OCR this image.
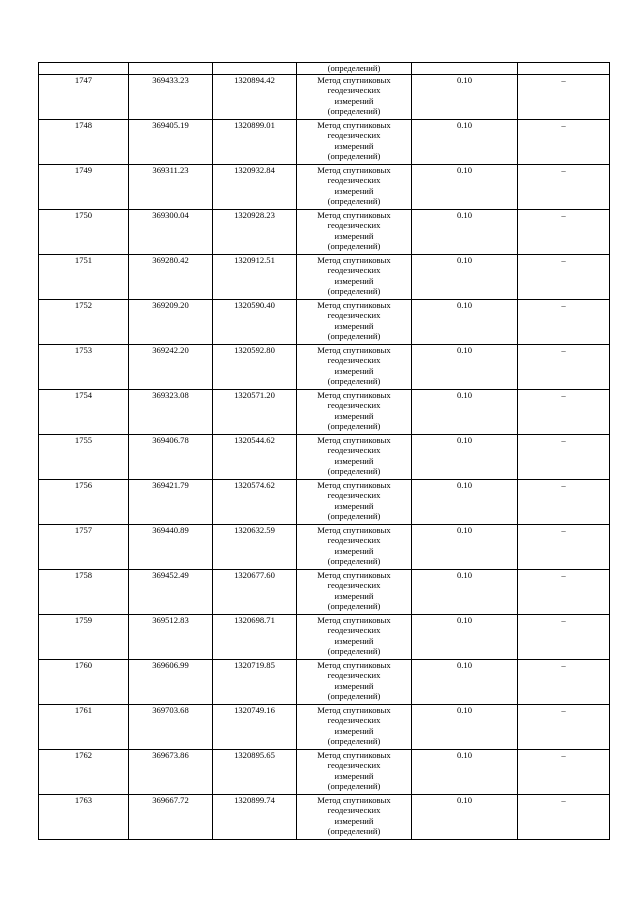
			(определений)		
1747	369433.23	1320894.42	Метод спутниковых
геодезических
измерений
(определений)	0.10	–
1748	369405.19	1320899.01	Метод спутниковых
геодезических
измерений
(определений)	0.10	–
1749	369311.23	1320932.84	Метод спутниковых
геодезических
измерений
(определений)	0.10	–
1750	369300.04	1320928.23	Метод спутниковых
геодезических
измерений
(определений)	0.10	–
1751	369280.42	1320912.51	Метод спутниковых
геодезических
измерений
(определений)	0.10	–
1752	369209.20	1320590.40	Метод спутниковых
геодезических
измерений
(определений)	0.10	–
1753	369242.20	1320592.80	Метод спутниковых
геодезических
измерений
(определений)	0.10	–
1754	369323.08	1320571.20	Метод спутниковых
геодезических
измерений
(определений)	0.10	–
1755	369406.78	1320544.62	Метод спутниковых
геодезических
измерений
(определений)	0.10	–
1756	369421.79	1320574.62	Метод спутниковых
геодезических
измерений
(определений)	0.10	–
1757	369440.89	1320632.59	Метод спутниковых
геодезических
измерений
(определений)	0.10	–
1758	369452.49	1320677.60	Метод спутниковых
геодезических
измерений
(определений)	0.10	–
1759	369512.83	1320698.71	Метод спутниковых
геодезических
измерений
(определений)	0.10	–
1760	369606.99	1320719.85	Метод спутниковых
геодезических
измерений
(определений)	0.10	–
1761	369703.68	1320749.16	Метод спутниковых
геодезических
измерений
(определений)	0.10	–
1762	369673.86	1320895.65	Метод спутниковых
геодезических
измерений
(определений)	0.10	–
1763	369667.72	1320899.74	Метод спутниковых
геодезических
измерений
(определений)	0.10	–
